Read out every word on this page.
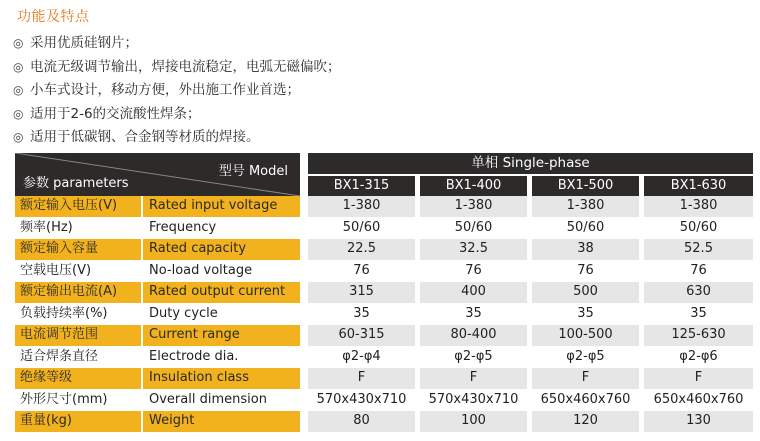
功能及特点
◎ 采用优质硅钢片；
◎ 电流无级调节输出，焊接电流稳定，电弧无磁偏吹；
◎ 小车式设计，移动方便，外出施工作业首选；
◎ 适用于2-6的交流酸性焊条；
◎ 适用于低碳钢、合金钢等材质的焊接。
型号 Model
参数 parameters
单相 Single-phase
BX1-315	BX1-400	BX1-500	BX1-630
额定输入电压(V)	Rated input voltage	1-380	1-380	1-380	1-380
频率(Hz)	Frequency	50/60	50/60	50/60	50/60
额定输入容量	Rated capacity	22.5	32.5	38	52.5
空载电压(V)	No-load voltage	76	76	76	76
额定输出电流(A)	Rated output current	315	400	500	630
负载持续率(%)	Duty cycle	35	35	35	35
电流调节范围	Current range	60-315	80-400	100-500	125-630
适合焊条直径	Electrode dia.	φ2-φ4	φ2-φ5	φ2-φ5	φ2-φ6
绝缘等级	Insulation class	F	F	F	F
外形尺寸(mm)	Overall dimension	570x430x710	570x430x710	650x460x760	650x460x760
重量(kg)	Weight	80	100	120	130
